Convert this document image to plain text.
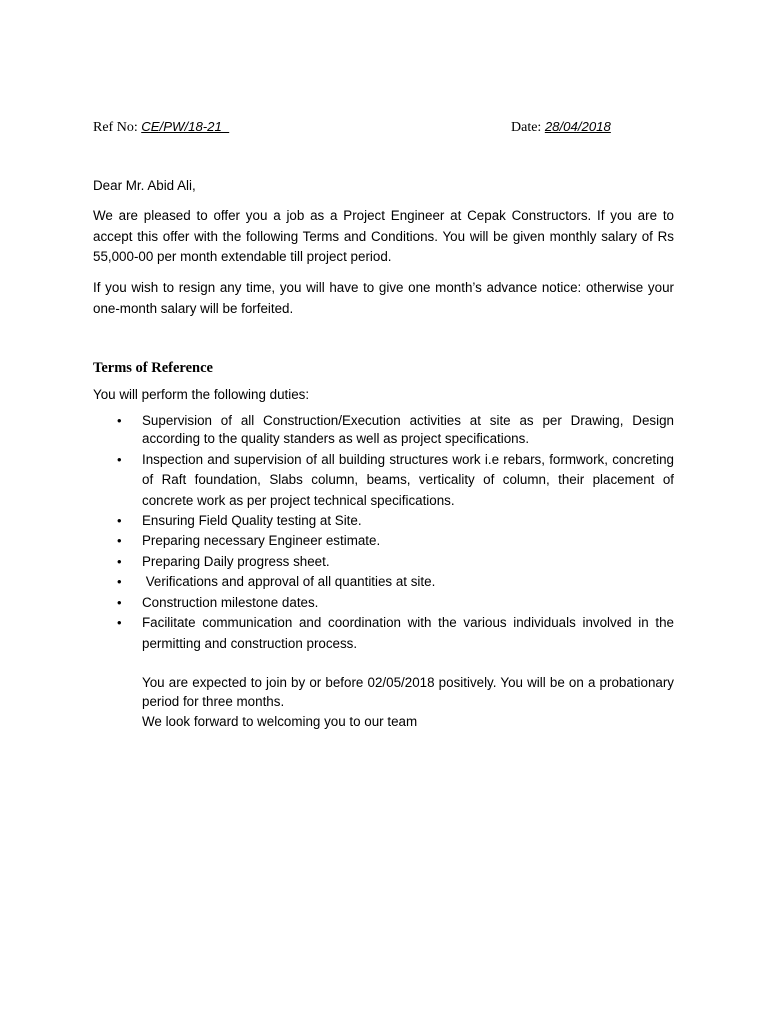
Ref No: CE/PW/18-21	Date: 28/04/2018
Dear Mr. Abid Ali,
We are pleased to offer you a job as a Project Engineer at Cepak Constructors. If you are to accept this offer with the following Terms and Conditions. You will be given monthly salary of Rs 55,000-00 per month extendable till project period.
If you wish to resign any time, you will have to give one month’s advance notice: otherwise your one-month salary will be forfeited.
Terms of Reference
You will perform the following duties:
• Supervision of all Construction/Execution activities at site as per Drawing, Design according to the quality standers as well as project specifications.
• Inspection and supervision of all building structures work i.e rebars, formwork, concreting of Raft foundation, Slabs column, beams, verticality of column, their placement of concrete work as per project technical specifications.
• Ensuring Field Quality testing at Site.
• Preparing necessary Engineer estimate.
• Preparing Daily progress sheet.
• Verifications and approval of all quantities at site.
• Construction milestone dates.
• Facilitate communication and coordination with the various individuals involved in the permitting and construction process.
You are expected to join by or before 02/05/2018 positively. You will be on a probationary period for three months.
We look forward to welcoming you to our team
